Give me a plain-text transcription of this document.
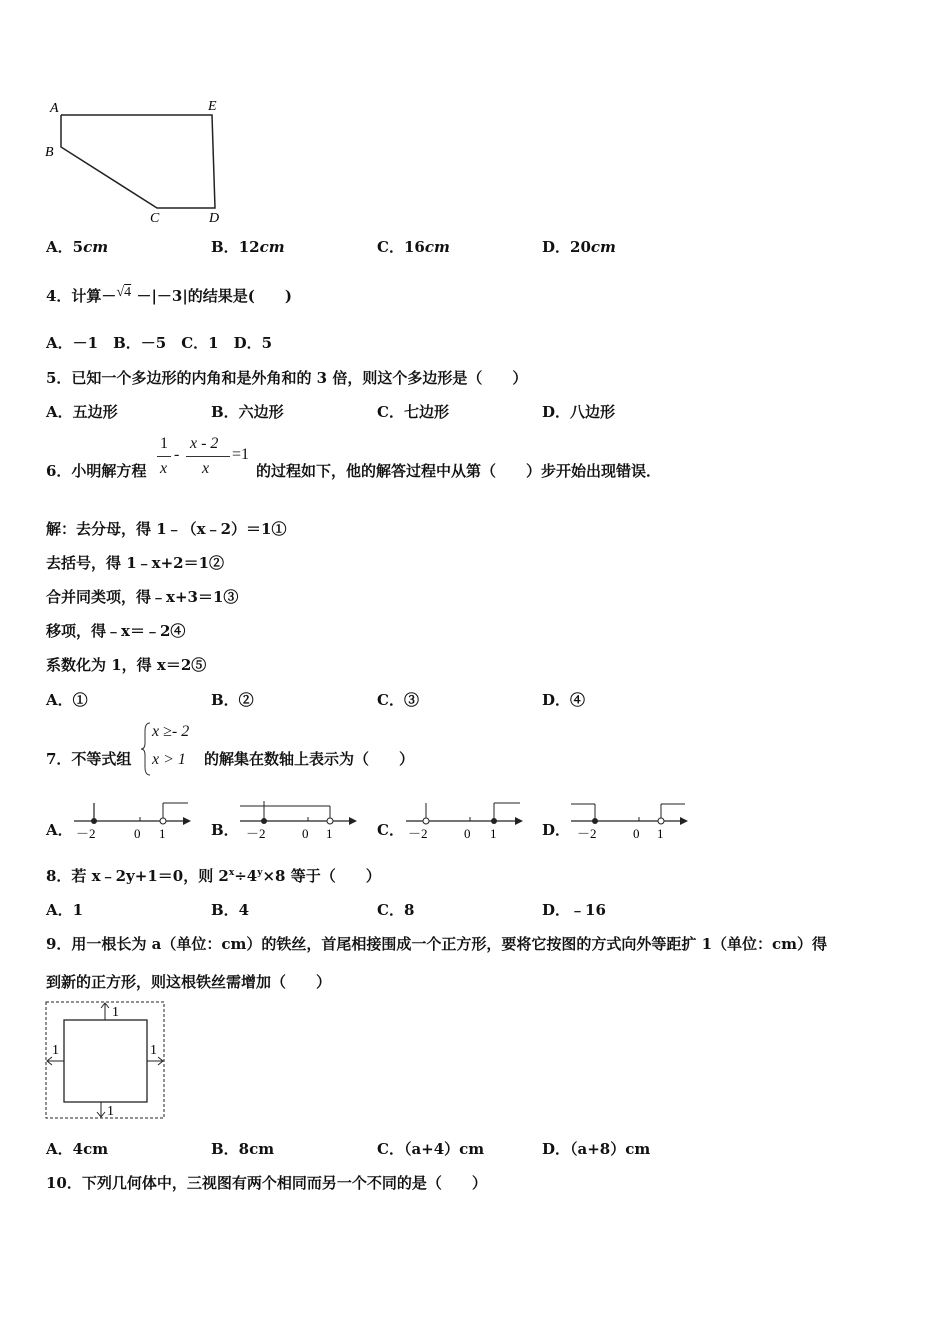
A	E
B
C	D
A．5cm	B．12cm	C．16cm	D．20cm
4．计算－ √4 －|－3|的结果是(　　)
A．－1　B．－5　C．1　D．5
5．已知一个多边形的内角和是外角和的 3 倍，则这个多边形是（　　）
A．五边形	B．六边形	C．七边形	D．八边形
6．小明解方程
1
x
-
x - 2
x
=1
的过程如下，他的解答过程中从第（　　）步开始出现错误．
解：去分母，得 1﹣（x﹣2）＝1①
去括号，得 1﹣x+2＝1②
合并同类项，得﹣x+3＝1③
移项，得﹣x＝﹣2④
系数化为 1，得 x＝2⑤
A．①	B．②	C．③	D．④
7．不等式组
x ≥- 2
x > 1 的解集在数轴上表示为（　　）
A． －2	0 1	B． －2	0 1	C． －2	0 1	D． －2	0 1
8．若 x﹣2y+1＝0，则 $2^x\div 4^y\times 8$ 等于（　　）
A．1	B．4	C．8	D．﹣16
9．用一根长为 a（单位：cm）的铁丝，首尾相接围成一个正方形，要将它按图的方式向外等距扩 1（单位：cm）得
到新的正方形，则这根铁丝需增加（　　）
1
1	1
1
A．4cm	B．8cm	C．（a+4）cm	D．（a+8）cm
10．下列几何体中，三视图有两个相同而另一个不同的是（　　）
